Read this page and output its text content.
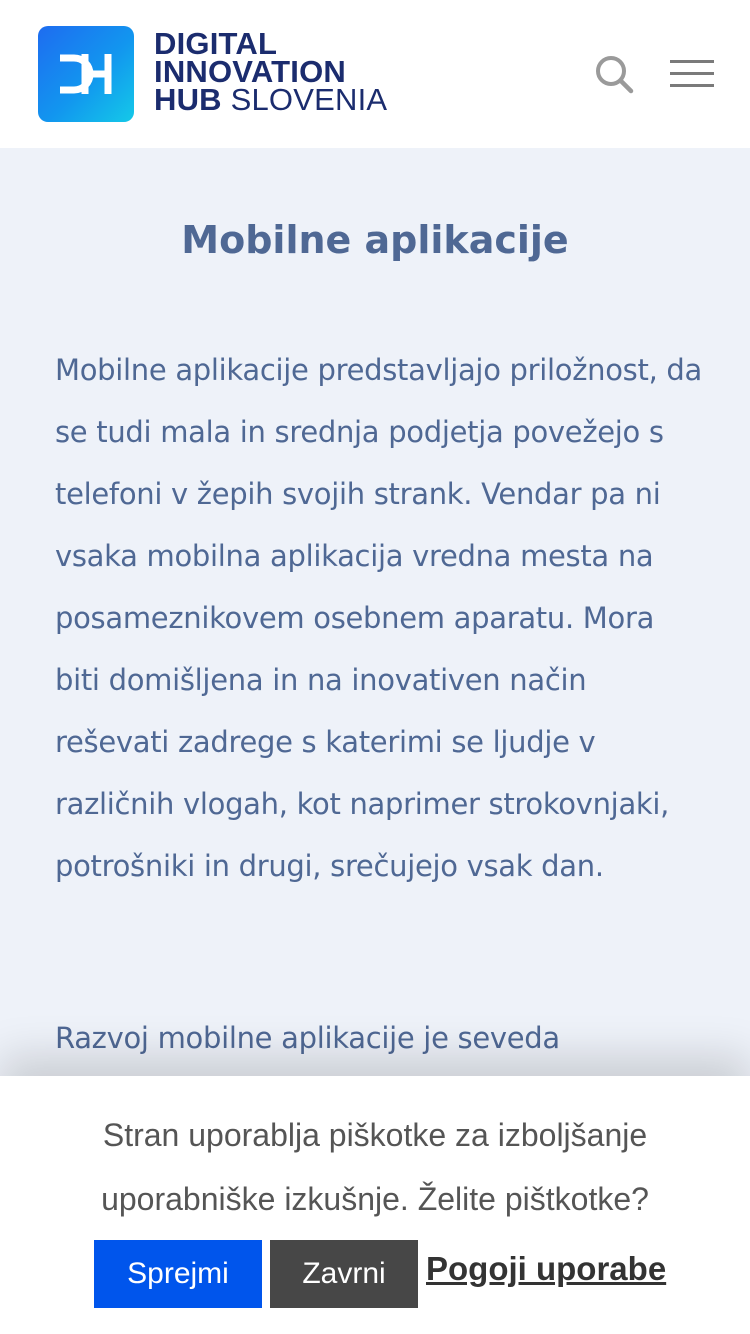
DIGITAL
INNOVATION
HUB SLOVENIA
Mobilne aplikacije

Mobilne aplikacije predstavljajo priložnost, da se tudi mala in srednja podjetja povežejo s telefoni v žepih svojih strank. Vendar pa ni vsaka mobilna aplikacija vredna mesta na posameznikovem osebnem aparatu. Mora biti domišljena in na inovativen način reševati zadrege s katerimi se ljudje v različnih vlogah, kot naprimer strokovnjaki, potrošniki in drugi, srečujejo vsak dan.

Razvoj mobilne aplikacije je seveda

Stran uporablja piškotke za izboljšanje uporabniške izkušnje. Želite pištkotke?

Sprejmi	Zavrni	Pogoji uporabe
